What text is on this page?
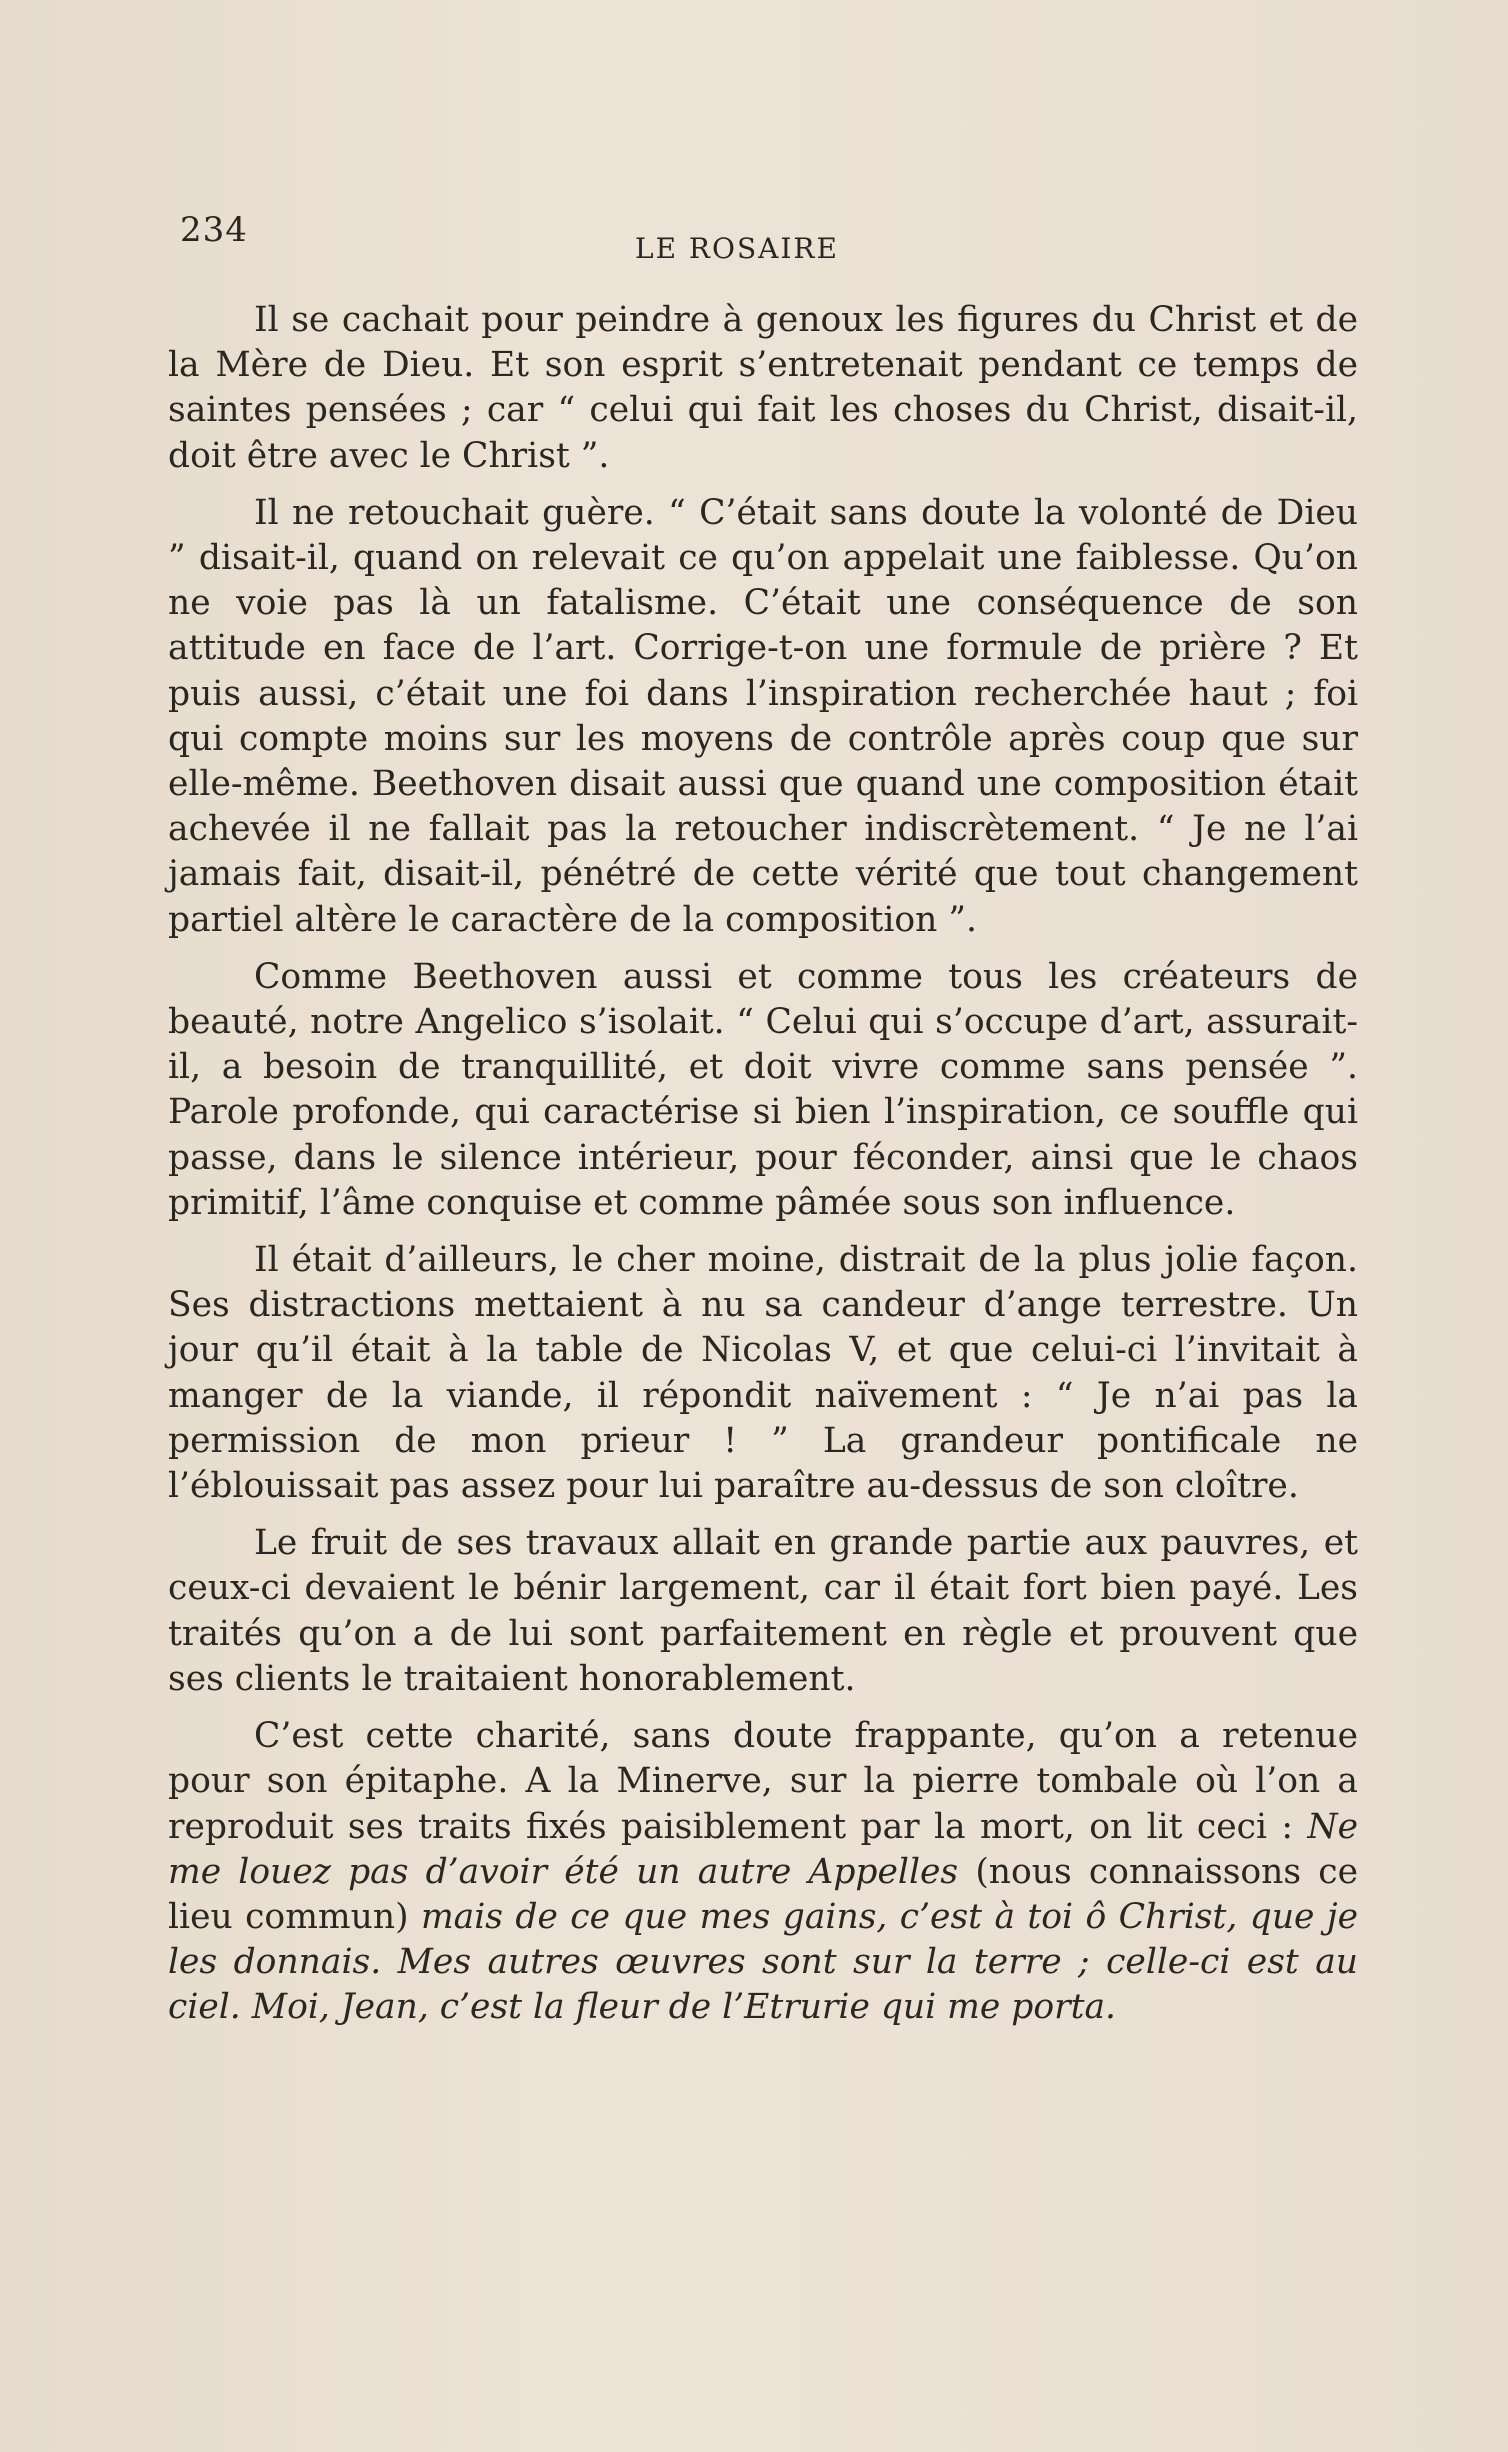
234	LE ROSAIRE

Il se cachait pour peindre à genoux les figures du Christ et de la Mère de Dieu. Et son esprit s’entretenait pendant ce temps de saintes pensées ; car “ celui qui fait les choses du Christ, disait-il, doit être avec le Christ ”.

Il ne retouchait guère. “ C’était sans doute la volonté de Dieu ” disait-il, quand on relevait ce qu’on appelait une faiblesse. Qu’on ne voie pas là un fatalisme. C’était une conséquence de son attitude en face de l’art. Corrige-t-on une formule de prière ? Et puis aussi, c’était une foi dans l’inspiration recherchée haut ; foi qui compte moins sur les moyens de contrôle après coup que sur elle-même. Beethoven disait aussi que quand une composition était achevée il ne fallait pas la retoucher indiscrètement. “ Je ne l’ai jamais fait, disait-il, pénétré de cette vérité que tout changement partiel altère le caractère de la composition ”.

Comme Beethoven aussi et comme tous les créateurs de beauté, notre Angelico s’isolait. “ Celui qui s’occupe d’art, assurait-il, a besoin de tranquillité, et doit vivre comme sans pensée ”. Parole profonde, qui caractérise si bien l’inspiration, ce souffle qui passe, dans le silence intérieur, pour féconder, ainsi que le chaos primitif, l’âme conquise et comme pâmée sous son influence.

Il était d’ailleurs, le cher moine, distrait de la plus jolie façon. Ses distractions mettaient à nu sa candeur d’ange terrestre. Un jour qu’il était à la table de Nicolas V, et que celui-ci l’invitait à manger de la viande, il répondit naïvement : “ Je n’ai pas la permission de mon prieur ! ” La grandeur pontificale ne l’éblouissait pas assez pour lui paraître au-dessus de son cloître.

Le fruit de ses travaux allait en grande partie aux pauvres, et ceux-ci devaient le bénir largement, car il était fort bien payé. Les traités qu’on a de lui sont parfaitement en règle et prouvent que ses clients le traitaient honorablement.

C’est cette charité, sans doute frappante, qu’on a retenue pour son épitaphe. A la Minerve, sur la pierre tombale où l’on a reproduit ses traits fixés paisiblement par la mort, on lit ceci : Ne me louez pas d’avoir été un autre Appelles (nous connaissons ce lieu commun) mais de ce que mes gains, c’est à toi ô Christ, que je les donnais. Mes autres œuvres sont sur la terre ; celle-ci est au ciel. Moi, Jean, c’est la fleur de l’Etrurie qui me porta.
